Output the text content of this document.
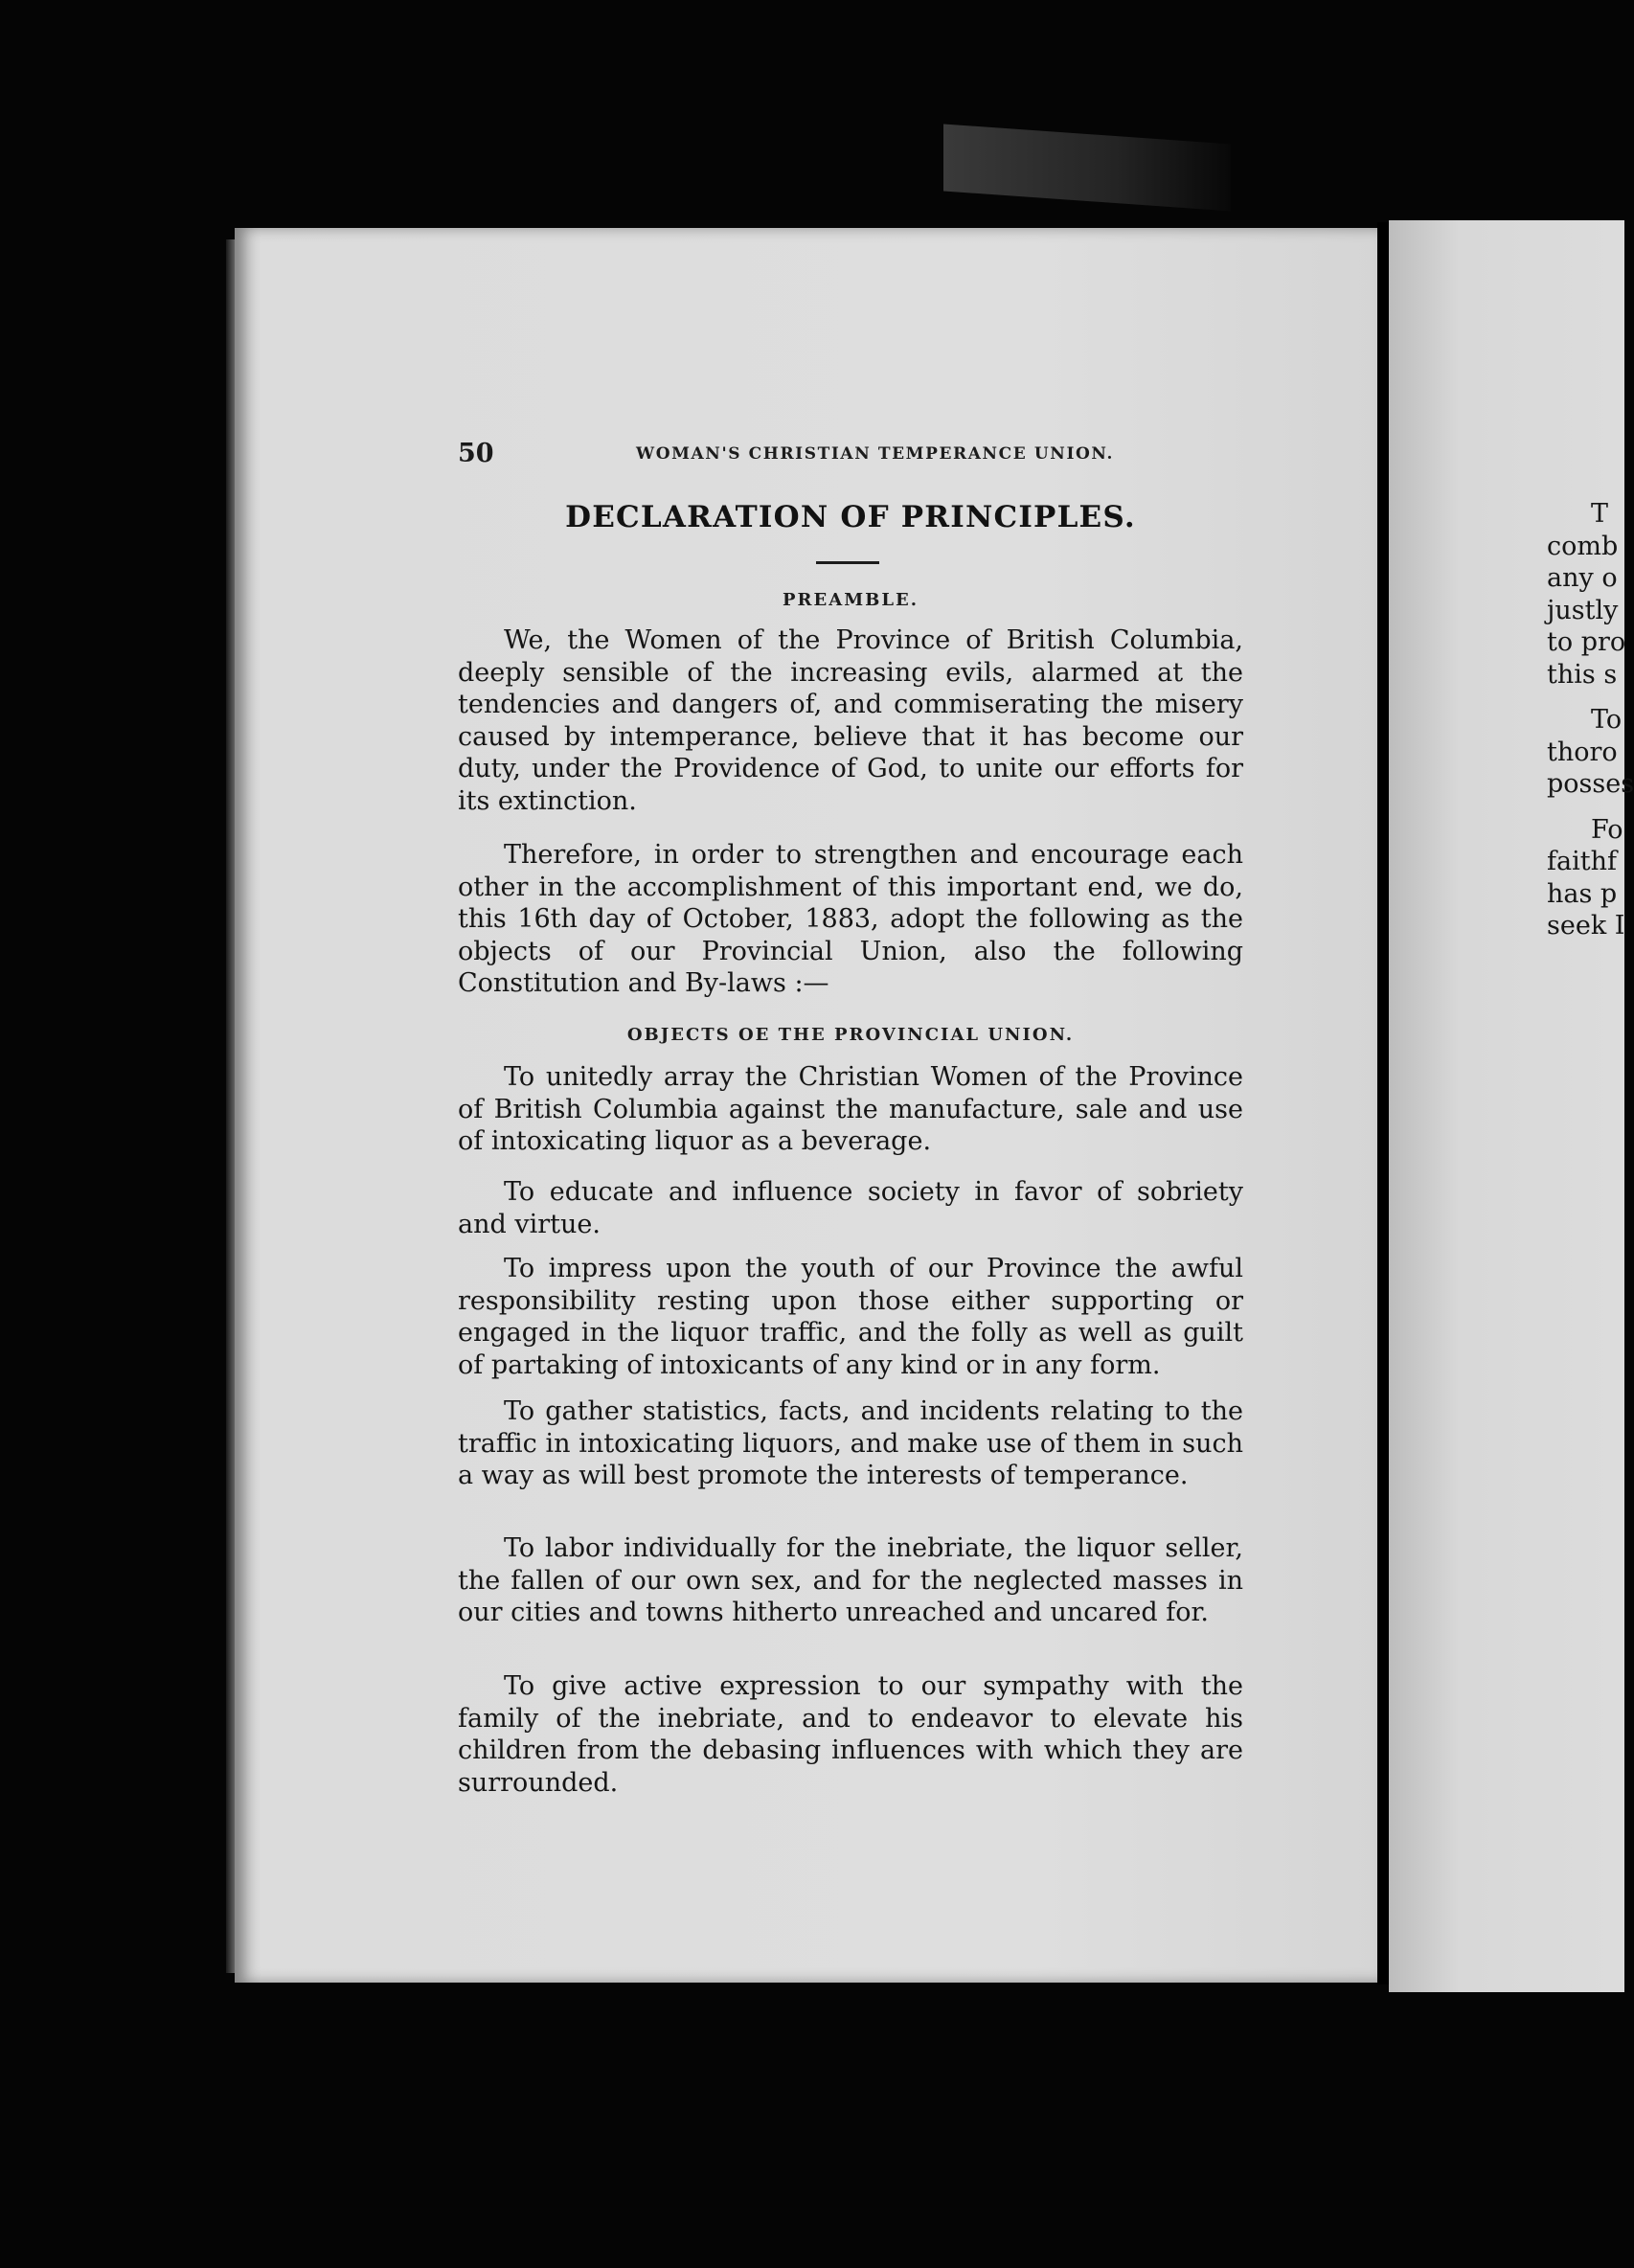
50	WOMAN'S CHRISTIAN TEMPERANCE UNION.
DECLARATION OF PRINCIPLES.
PREAMBLE.

We, the Women of the Province of British Columbia, deeply sensible of the increasing evils, alarmed at the tendencies and dangers of, and commiserating the misery caused by intemperance, believe that it has become our duty, under the Providence of God, to unite our efforts for its extinction.

Therefore, in order to strengthen and encourage each other in the accomplishment of this important end, we do, this 16th day of October, 1883, adopt the following as the objects of our Provincial Union, also the following Constitution and By-laws :—

OBJECTS OE THE PROVINCIAL UNION.

To unitedly array the Christian Women of the Province of British Columbia against the manufacture, sale and use of intoxicating liquor as a beverage.

To educate and influence society in favor of sobriety and virtue.

To impress upon the youth of our Province the awful responsibility resting upon those either supporting or engaged in the liquor traffic, and the folly as well as guilt of partaking of intoxicants of any kind or in any form.

To gather statistics, facts, and incidents relating to the traffic in intoxicating liquors, and make use of them in such a way as will best promote the interests of temperance.

To labor individually for the inebriate, the liquor seller, the fallen of our own sex, and for the neglected masses in our cities and towns hitherto unreached and uncared for.

To give active expression to our sympathy with the family of the inebriate, and to endeavor to elevate his children from the debasing influences with which they are surrounded.

T
comb
any o
justly
to pro
this s
To
thoro
posses
Fo
faithf
has p
seek I
